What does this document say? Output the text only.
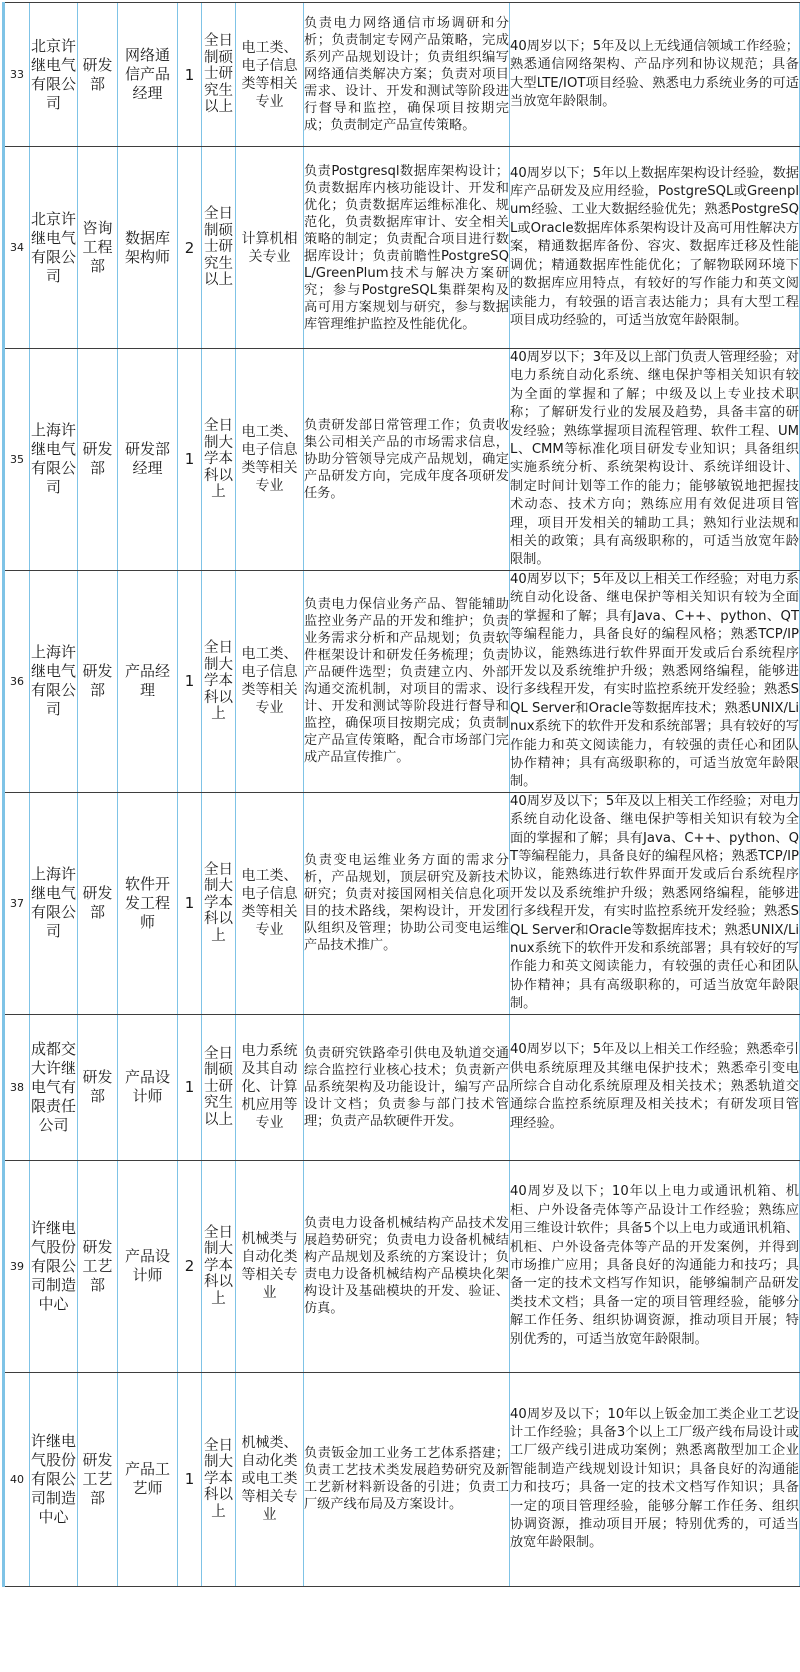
33	北京许继电气有限公司	研发部	网络通信产品经理	1	全日制硕士研究生以上	电工类、电子信息类等相关专业	负责电力网络通信市场调研和分析；负责制定专网产品策略，完成系列产品规划设计；负责组织编写网络通信类解决方案；负责对项目需求、设计、开发和测试等阶段进行督导和监控，确保项目按期完成；负责制定产品宣传策略。	40周岁以下；5年及以上无线通信领域工作经验；熟悉通信网络架构、产品序列和协议规范；具备大型LTE/IOT项目经验、熟悉电力系统业务的可适当放宽年龄限制。
34	北京许继电气有限公司	咨询工程部	数据库架构师	2	全日制硕士研究生以上	计算机相关专业	负责Postgresql数据库架构设计；负责数据库内核功能设计、开发和优化；负责数据库运维标准化、规范化，负责数据库审计、安全相关策略的制定；负责配合项目进行数据库设计；负责前瞻性PostgreSQL/GreenPlum技术与解决方案研究；参与PostgreSQL集群架构及高可用方案规划与研究，参与数据库管理维护监控及性能优化。	40周岁以下；5年以上数据库架构设计经验，数据库产品研发及应用经验，PostgreSQL或Greenplum经验、工业大数据经验优先；熟悉PostgreSQL或Oracle数据库体系架构设计及高可用性解决方案，精通数据库备份、容灾、数据库迁移及性能调优；精通数据库性能优化；了解物联网环境下的数据库应用特点，有较好的写作能力和英文阅读能力，有较强的语言表达能力；具有大型工程项目成功经验的，可适当放宽年龄限制。
35	上海许继电气有限公司	研发部	研发部经理	1	全日制大学本科以上	电工类、电子信息类等相关专业	负责研发部日常管理工作；负责收集公司相关产品的市场需求信息，协助分管领导完成产品规划，确定产品研发方向，完成年度各项研发任务。	40周岁以下；3年及以上部门负责人管理经验；对电力系统自动化系统、继电保护等相关知识有较为全面的掌握和了解；中级及以上专业技术职称；了解研发行业的发展及趋势，具备丰富的研发经验；熟练掌握项目流程管理、软件工程、UML、CMM等标准化项目研发专业知识；具备组织实施系统分析、系统架构设计、系统详细设计、制定时间计划等工作的能力；能够敏锐地把握技术动态、技术方向；熟练应用有效促进项目管理，项目开发相关的辅助工具；熟知行业法规和相关的政策；具有高级职称的，可适当放宽年龄限制。
36	上海许继电气有限公司	研发部	产品经理	1	全日制大学本科以上	电工类、电子信息类等相关专业	负责电力保信业务产品、智能辅助监控业务产品的开发和维护；负责业务需求分析和产品规划；负责软件框架设计和研发任务梳理；负责产品硬件选型；负责建立内、外部沟通交流机制，对项目的需求、设计、开发和测试等阶段进行督导和监控，确保项目按期完成；负责制定产品宣传策略，配合市场部门完成产品宣传推广。	40周岁以下；5年及以上相关工作经验；对电力系统自动化设备、继电保护等相关知识有较为全面的掌握和了解；具有Java、C++、python、QT等编程能力，具备良好的编程风格；熟悉TCP/IP协议，能熟练进行软件界面开发或后台系统程序开发以及系统维护升级；熟悉网络编程，能够进行多线程开发，有实时监控系统开发经验；熟悉SQL Server和Oracle等数据库技术；熟悉UNIX/Linux系统下的软件开发和系统部署；具有较好的写作能力和英文阅读能力，有较强的责任心和团队协作精神；具有高级职称的，可适当放宽年龄限制。
37	上海许继电气有限公司	研发部	软件开发工程师	1	全日制大学本科以上	电工类、电子信息类等相关专业	负责变电运维业务方面的需求分析，产品规划，顶层研究及新技术研究；负责对接国网相关信息化项目的技术路线，架构设计，开发团队组织及管理；协助公司变电运维产品技术推广。	40周岁及以下；5年及以上相关工作经验；对电力系统自动化设备、继电保护等相关知识有较为全面的掌握和了解；具有Java、C++、python、QT等编程能力，具备良好的编程风格；熟悉TCP/IP协议，能熟练进行软件界面开发或后台系统程序开发以及系统维护升级；熟悉网络编程，能够进行多线程开发，有实时监控系统开发经验；熟悉SQL Server和Oracle等数据库技术；熟悉UNIX/Linux系统下的软件开发和系统部署；具有较好的写作能力和英文阅读能力，有较强的责任心和团队协作精神；具有高级职称的，可适当放宽年龄限制。
38	成都交大许继电气有限责任公司	研发部	产品设计师	1	全日制硕士研究生以上	电力系统及其自动化、计算机应用等专业	负责研究铁路牵引供电及轨道交通综合监控行业核心技术；负责新产品系统架构及功能设计，编写产品设计文档；负责参与部门技术管理；负责产品软硬件开发。	40周岁以下；5年及以上相关工作经验；熟悉牵引供电系统原理及其继电保护技术；熟悉牵引变电所综合自动化系统原理及相关技术；熟悉轨道交通综合监控系统原理及相关技术；有研发项目管理经验。
39	许继电气股份有限公司制造中心	研发工艺部	产品设计师	2	全日制大学本科以上	机械类与自动化类等相关专业	负责电力设备机械结构产品技术发展趋势研究；负责电力设备机械结构产品规划及系统的方案设计；负责电力设备机械结构产品模块化架构设计及基础模块的开发、验证、仿真。	40周岁及以下；10年以上电力或通讯机箱、机柜、户外设备壳体等产品设计工作经验；熟练应用三维设计软件；具备5个以上电力或通讯机箱、机柜、户外设备壳体等产品的开发案例，并得到市场推广应用；具备良好的沟通能力和技巧；具备一定的技术文档写作知识，能够编制产品研发类技术文档；具备一定的项目管理经验，能够分解工作任务、组织协调资源，推动项目开展；特别优秀的，可适当放宽年龄限制。
40	许继电气股份有限公司制造中心	研发工艺部	产品工艺师	1	全日制大学本科以上	机械类、自动化类或电工类等相关专业	负责钣金加工业务工艺体系搭建；负责工艺技术类发展趋势研究及新工艺新材料新设备的引进；负责工厂级产线布局及方案设计。	40周岁及以下；10年以上钣金加工类企业工艺设计工作经验；具备3个以上工厂级产线布局设计或工厂级产线引进成功案例；熟悉离散型加工企业智能制造产线规划设计知识；具备良好的沟通能力和技巧；具备一定的技术文档写作知识；具备一定的项目管理经验，能够分解工作任务、组织协调资源，推动项目开展；特别优秀的，可适当放宽年龄限制。
